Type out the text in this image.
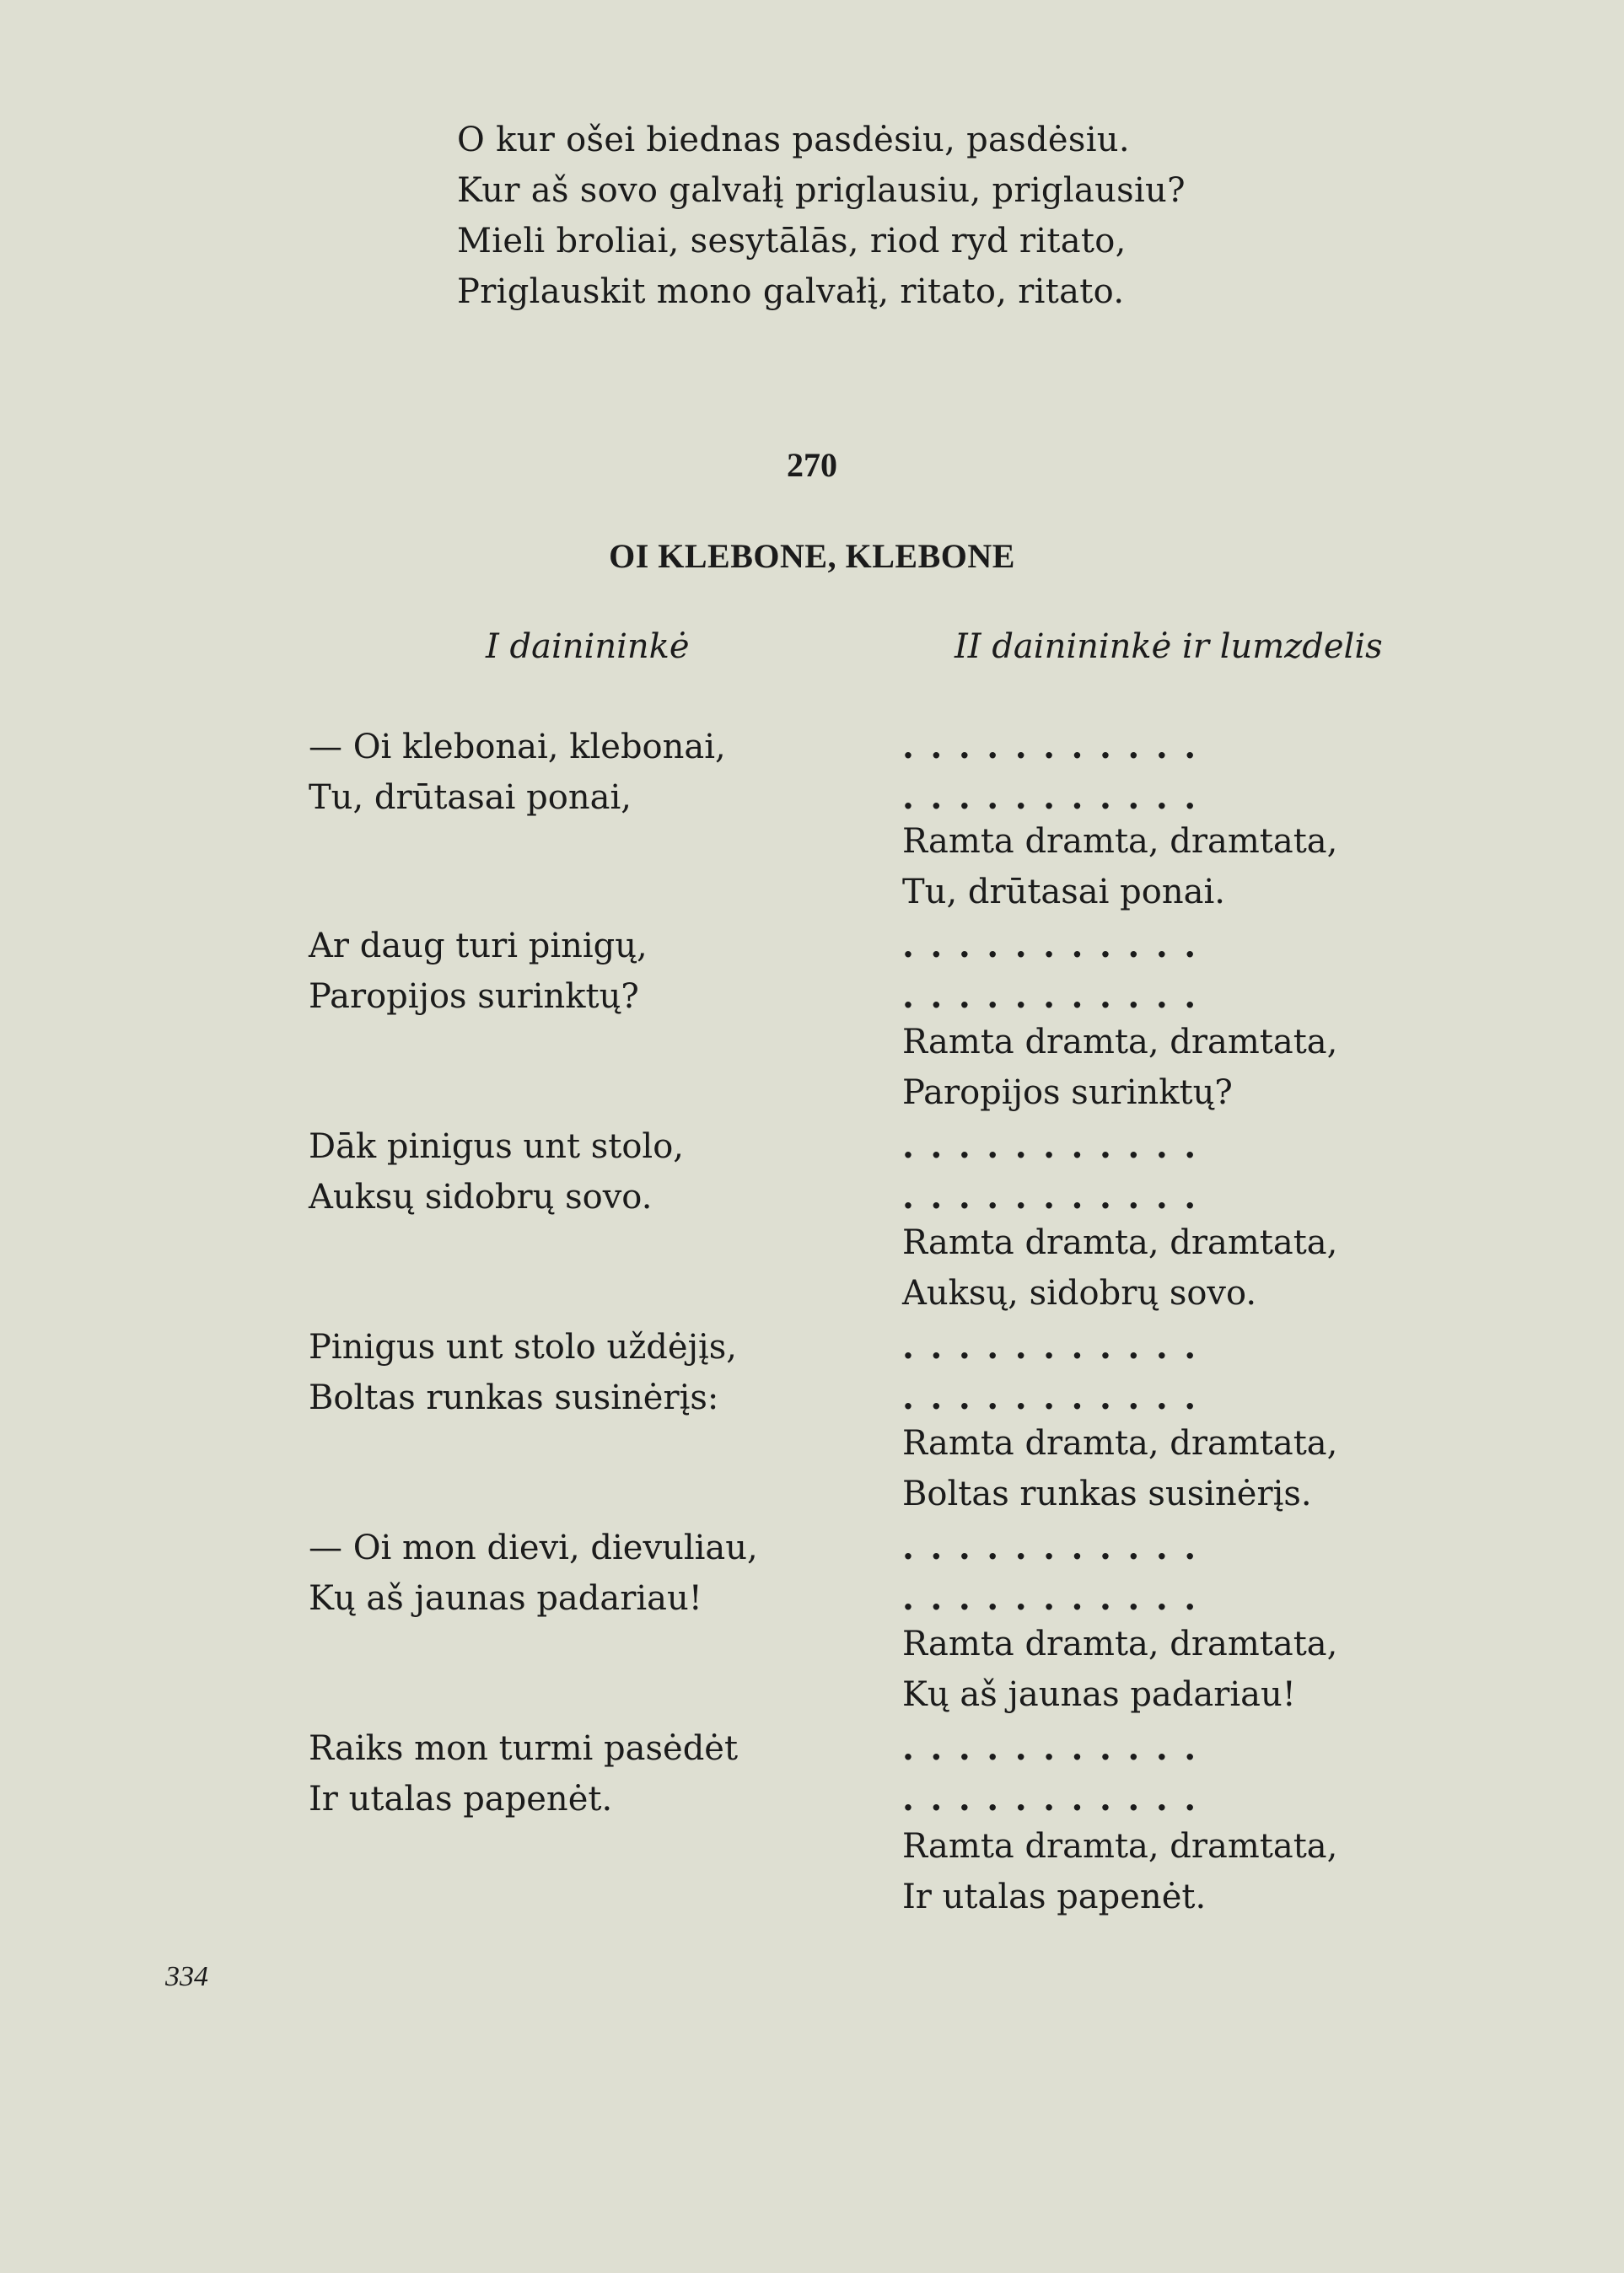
O kur ošei biednas pasdėsiu, pasdėsiu.
Kur aš sovo galvałį priglausiu, priglausiu?
Mieli broliai, sesytālās, riod ryd ritato,
Priglauskit mono galvałį, ritato, ritato.
270
OI KLEBONE, KLEBONE
I dainininkė	II dainininkė ir lumzdelis
— Oi klebonai, klebonai,	...........
Tu, drūtasai ponai,	...........
Ramta dramta, dramtata,
Tu, drūtasai ponai.
Ar daug turi pinigų,	...........
Paropijos surinktų?	...........
Ramta dramta, dramtata,
Paropijos surinktų?
Dāk pinigus unt stolo,	...........
Auksų sidobrų sovo.	...........
Ramta dramta, dramtata,
Auksų, sidobrų sovo.
Pinigus unt stolo uždėjįs,	...........
Boltas runkas susinėrįs:	...........
Ramta dramta, dramtata,
Boltas runkas susinėrįs.
— Oi mon dievi, dievuliau,	...........
Kų aš jaunas padariau!	...........
Ramta dramta, dramtata,
Kų aš jaunas padariau!
Raiks mon turmi pasėdėt	...........
Ir utalas papenėt.	...........
Ramta dramta, dramtata,
Ir utalas papenėt.
334
